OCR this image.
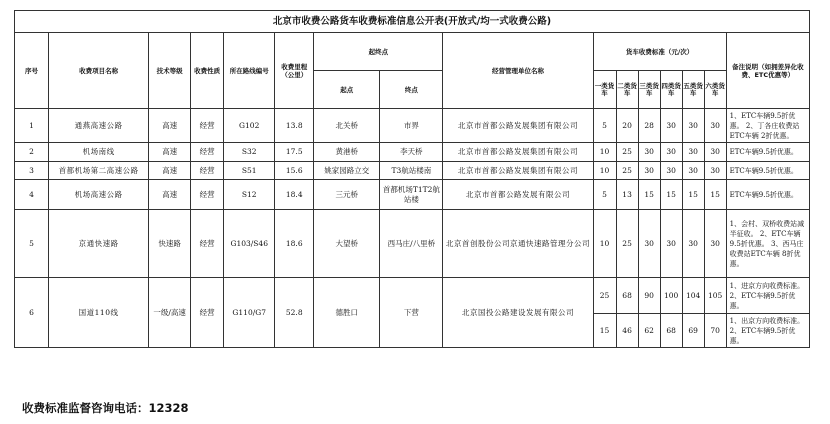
北京市收费公路货车收费标准信息公开表(开放式/均一式收费公路)															
序号	收费项目名称	技术等级	收费性质	所在路线编号	收费里程（公里）	起终点		经营管理单位名称	货车收费标准（元/次）						备注说明（如拥差异化收费、ETC优惠等）
						起点	终点		一类货车	二类货车	三类货车	四类货车	五类货车	六类货车	
1	通燕高速公路	高速	经营	G102	13.8	北关桥	市界	北京市首都公路发展集团有限公司	5	20	28	30	30	30	1、ETC车辆9.5折优惠。 2、丁各庄收费站ETC车辆 2折优惠。
2	机场南线	高速	经营	S32	17.5	黄港桥	李天桥	北京市首都公路发展集团有限公司	10	25	30	30	30	30	ETC车辆9.5折优惠。
3	首都机场第二高速公路	高速	经营	S51	15.6	姚家园路立交	T3航站楼南	北京市首都公路发展集团有限公司	10	25	30	30	30	30	ETC车辆9.5折优惠。
4	机场高速公路	高速	经营	S12	18.4	三元桥	首都机场T1T2航站楼	北京市首都公路发展有限公司	5	13	15	15	15	15	ETC车辆9.5折优惠。
5	京通快速路	快速路	经营	G103/S46	18.6	大望桥	西马庄/八里桥	北京首创股份公司京通快速路管理分公司	10	25	30	30	30	30	1、会村、双桥收费站减半征收。 2、ETC车辆9.5折优惠。 3、西马庄收费站ETC车辆 8折优惠。
6	国道110线	一级/高速	经营	G110/G7	52.8	德胜口	下营	北京国投公路建设发展有限公司	25	68	90	100	104	105	1、进京方向收费标准。 2、ETC车辆9.5折优惠。
									15	46	62	68	69	70	1、出京方向收费标准。 2、ETC车辆9.5折优惠。
收费标准监督咨询电话：12328
